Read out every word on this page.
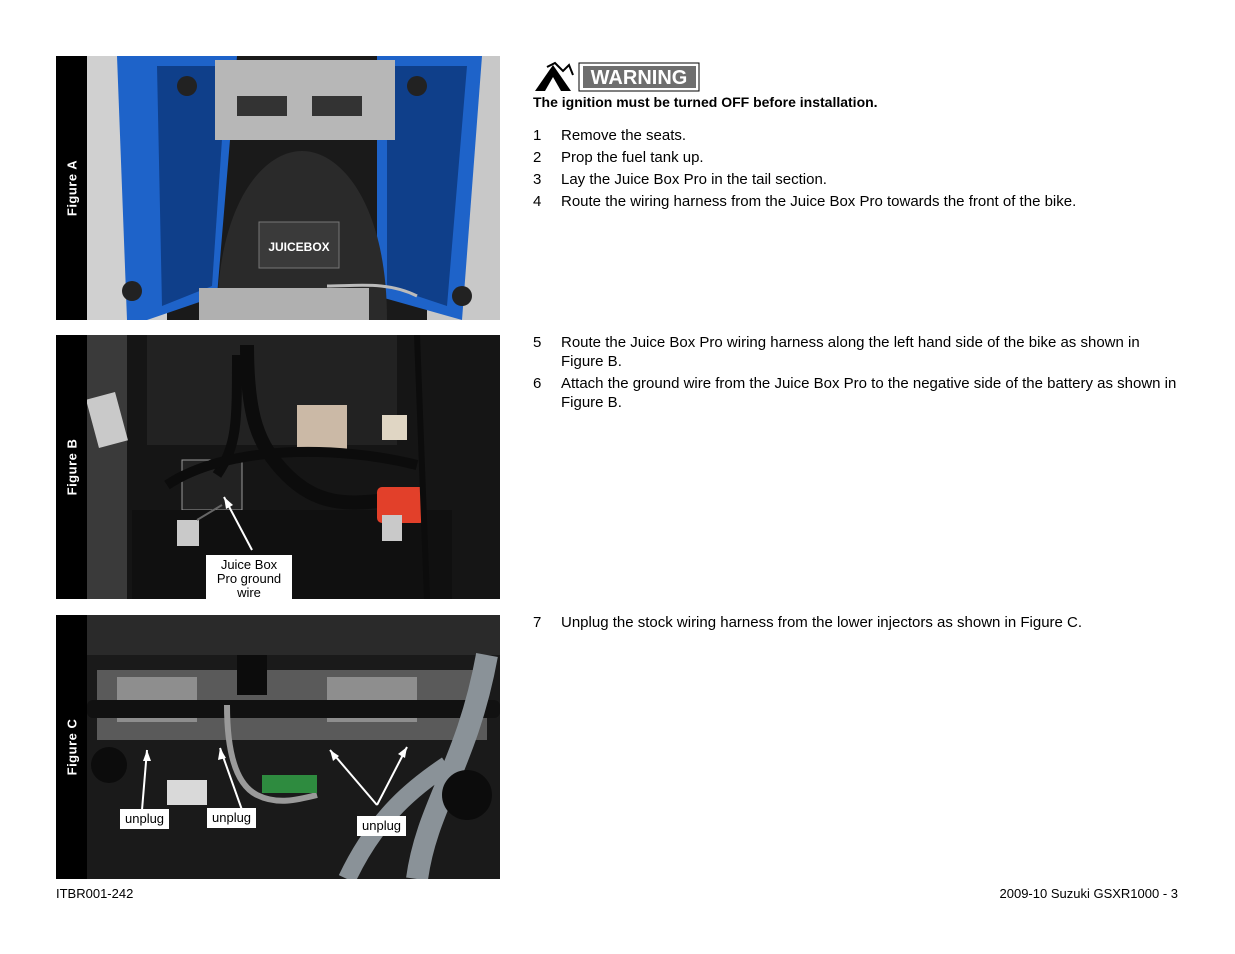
Figure A
JUICEBOX
Figure B
Juice Box Pro ground wire
Figure C
unplug	unplug
unplug
WARNING
The ignition must be turned OFF before installation.
1	Remove the seats.
2	Prop the fuel tank up.
3	Lay the Juice Box Pro in the tail section.
4	Route the wiring harness from the Juice Box Pro towards the front of the bike.
5	Route the Juice Box Pro wiring harness along the left hand side of the bike as shown in Figure B.
6	Attach the ground wire from the Juice Box Pro to the negative side of the battery as shown in Figure B.
7	Unplug the stock wiring harness from the lower injectors as shown in Figure C.
ITBR001-242	2009-10 Suzuki GSXR1000 - 3
